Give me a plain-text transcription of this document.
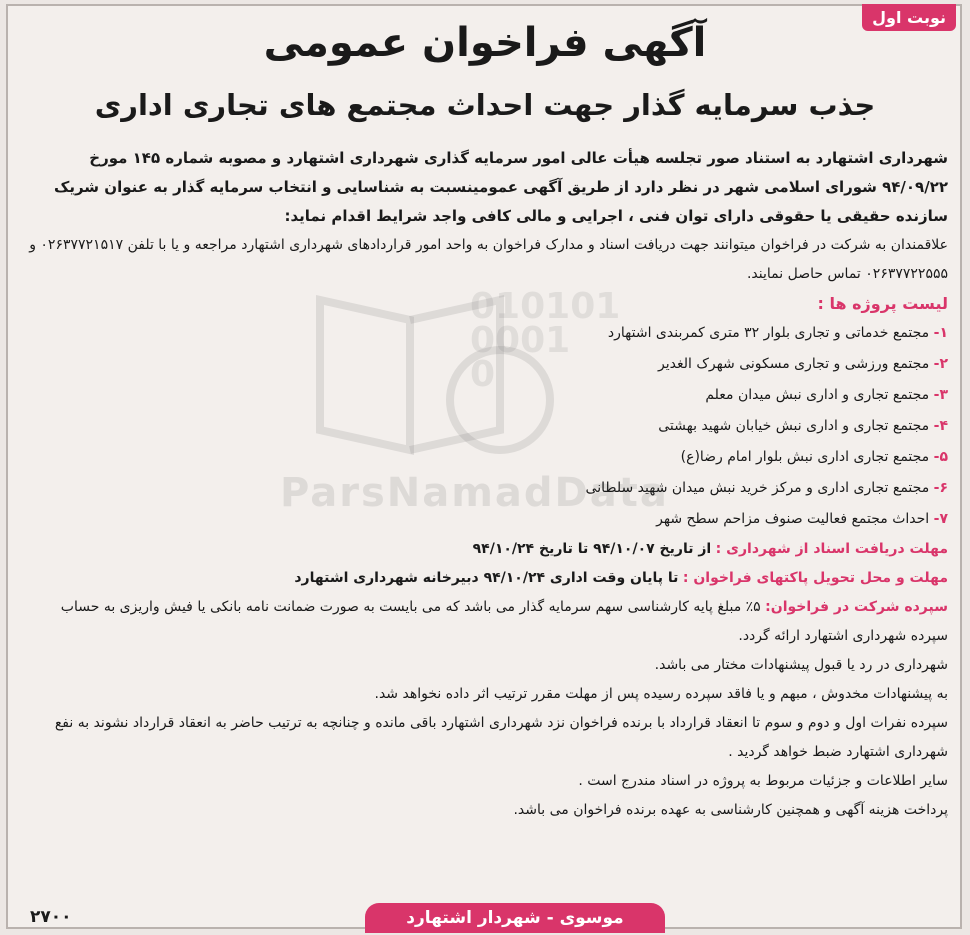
نوبت اول
آگهی فراخوان عمومی
جذب سرمایه گذار جهت احداث مجتمع های تجاری اداری
010101
0001
0
ParsNamadData

شهرداری اشتهارد به استناد صور تجلسه هیأت عالی امور سرمایه گذاری شهرداری اشتهارد و مصوبه شماره ۱۴۵ مورخ ۹۴/۰۹/۲۲ شورای اسلامی شهر در نظر دارد از طریق آگهی عمومینسبت به شناسایی و انتخاب سرمایه گذار به عنوان شریک سازنده حقیقی یا حقوقی دارای توان فنی ، اجرایی و مالی کافی واجد شرایط اقدام نماید:

علاقمندان به شرکت در فراخوان میتوانند جهت دریافت اسناد و مدارک فراخوان به واحد امور قراردادهای شهرداری اشتهارد مراجعه و یا با تلفن ۰۲۶۳۷۷۲۱۵۱۷ و ۰۲۶۳۷۷۲۲۵۵۵ تماس حاصل نمایند.

لیست پروژه ها :

۱- مجتمع خدماتی و تجاری بلوار ۳۲ متری کمربندی اشتهارد

۲- مجتمع ورزشی و تجاری مسکونی شهرک الغدیر

۳- مجتمع تجاری و اداری نبش میدان معلم

۴- مجتمع تجاری و اداری نبش خیابان شهید بهشتی

۵- مجتمع تجاری اداری نبش بلوار امام رضا(ع)

۶- مجتمع تجاری اداری و مرکز خرید نبش میدان شهید سلطانی

۷- احداث مجتمع فعالیت صنوف مزاحم سطح شهر

مهلت دریافت اسناد از شهرداری : از تاریخ ۹۴/۱۰/۰۷ تا تاریخ ۹۴/۱۰/۲۴

مهلت و محل تحویل پاکتهای فراخوان : تا پایان وقت اداری ۹۴/۱۰/۲۴ دبیرخانه شهرداری اشتهارد

سپرده شرکت در فراخوان: ۵٪ مبلغ پایه کارشناسی سهم سرمایه گذار می باشد که می بایست به صورت ضمانت نامه بانکی یا فیش واریزی به حساب سپرده شهرداری اشتهارد ارائه گردد.

شهرداری در رد یا قبول پیشنهادات مختار می باشد.

به پیشنهادات مخدوش ، مبهم و یا فاقد سپرده رسیده پس از مهلت مقرر ترتیب اثر داده نخواهد شد.

سپرده نفرات اول و دوم و سوم تا انعقاد قرارداد با برنده فراخوان نزد شهرداری اشتهارد باقی مانده و چنانچه به ترتیب حاضر به انعقاد قرارداد نشوند به نفع شهرداری اشتهارد ضبط خواهد گردید .

سایر اطلاعات و جزئیات مربوط به پروژه در اسناد مندرج است .

پرداخت هزینه آگهی و همچنین کارشناسی به عهده برنده فراخوان می باشد.

۲۷۰۰	موسوی - شهردار اشتهارد
